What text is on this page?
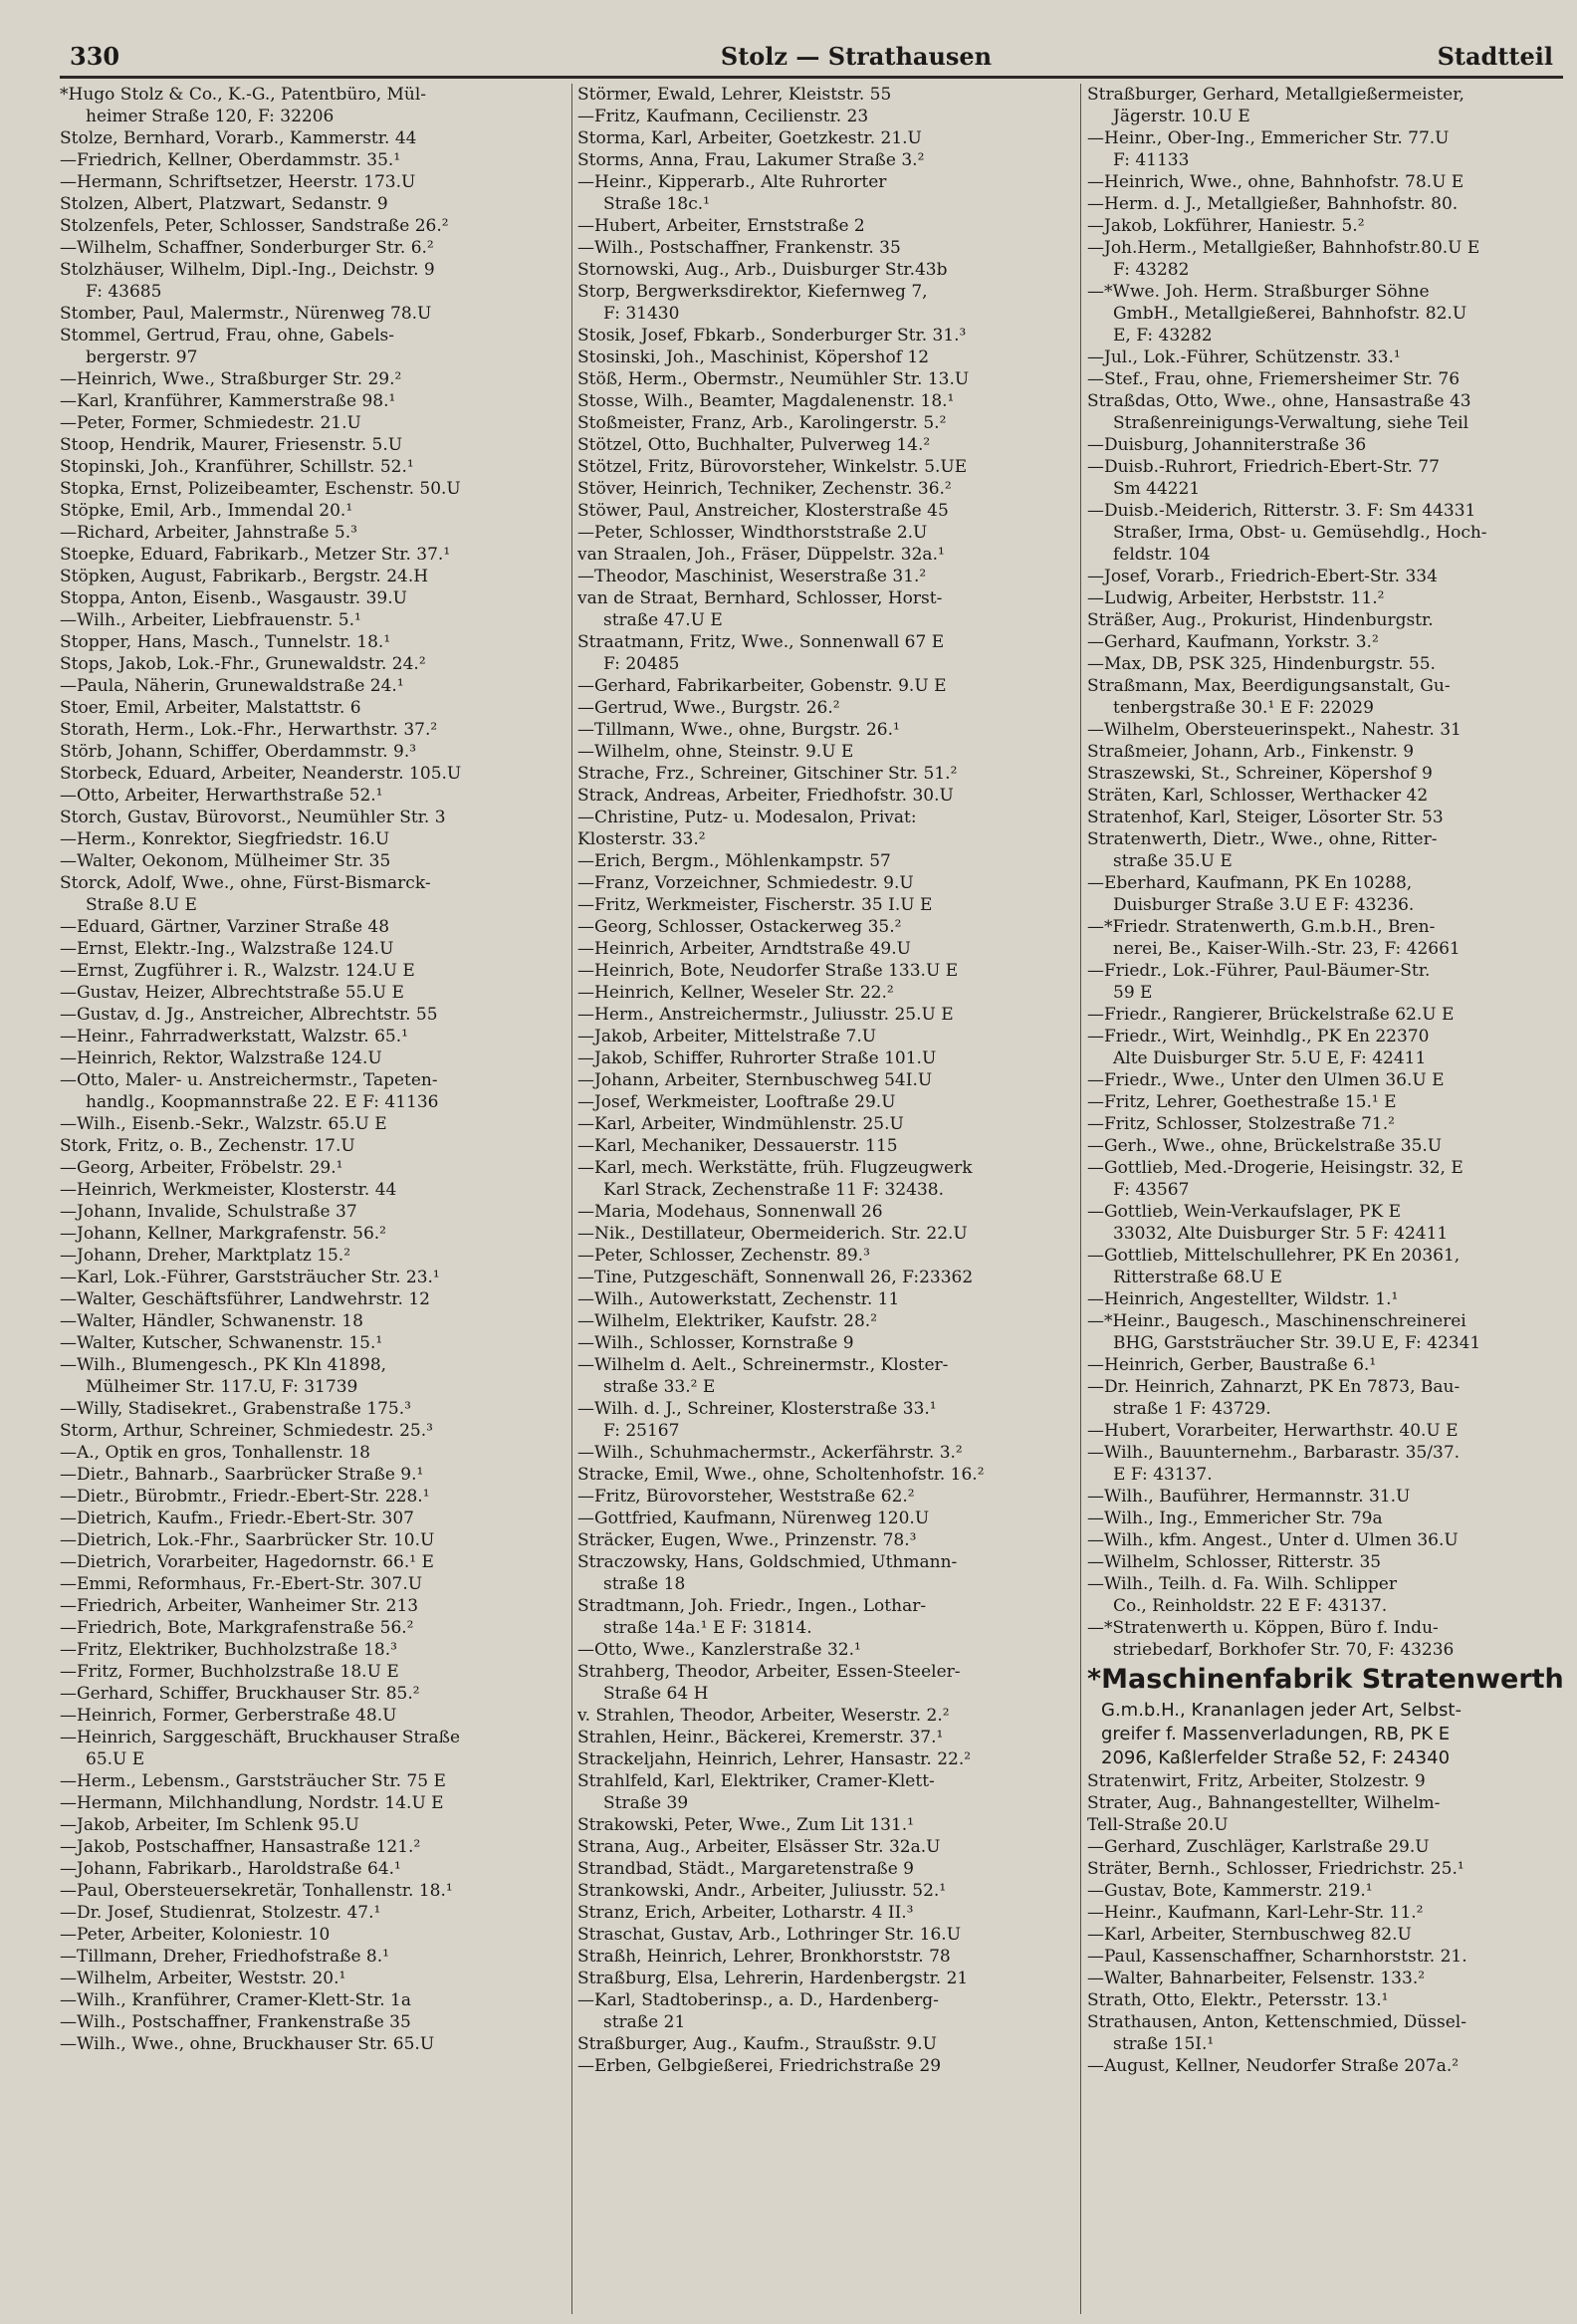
330	Stolz — Strathausen	Stadtteil
*Hugo Stolz & Co., K.-G., Patentbüro, Mül-
heimer Straße 120, F: 32206
Stolze, Bernhard, Vorarb., Kammerstr. 44
—Friedrich, Kellner, Oberdammstr. 35.¹
—Hermann, Schriftsetzer, Heerstr. 173.U
Stolzen, Albert, Platzwart, Sedanstr. 9
Stolzenfels, Peter, Schlosser, Sandstraße 26.²
—Wilhelm, Schaffner, Sonderburger Str. 6.²
Stolzhäuser, Wilhelm, Dipl.-Ing., Deichstr. 9
F: 43685
Stomber, Paul, Malermstr., Nürenweg 78.U
Stommel, Gertrud, Frau, ohne, Gabels-
bergerstr. 97
—Heinrich, Wwe., Straßburger Str. 29.²
—Karl, Kranführer, Kammerstraße 98.¹
—Peter, Former, Schmiedestr. 21.U
Stoop, Hendrik, Maurer, Friesenstr. 5.U
Stopinski, Joh., Kranführer, Schillstr. 52.¹
Stopka, Ernst, Polizeibeamter, Eschenstr. 50.U
Stöpke, Emil, Arb., Immendal 20.¹
—Richard, Arbeiter, Jahnstraße 5.³
Stoepke, Eduard, Fabrikarb., Metzer Str. 37.¹
Stöpken, August, Fabrikarb., Bergstr. 24.H
Stoppa, Anton, Eisenb., Wasgaustr. 39.U
—Wilh., Arbeiter, Liebfrauenstr. 5.¹
Stopper, Hans, Masch., Tunnelstr. 18.¹
Stops, Jakob, Lok.-Fhr., Grunewaldstr. 24.²
—Paula, Näherin, Grunewaldstraße 24.¹
Stoer, Emil, Arbeiter, Malstattstr. 6
Storath, Herm., Lok.-Fhr., Herwarthstr. 37.²
Störb, Johann, Schiffer, Oberdammstr. 9.³
Storbeck, Eduard, Arbeiter, Neanderstr. 105.U
—Otto, Arbeiter, Herwarthstraße 52.¹
Storch, Gustav, Bürovorst., Neumühler Str. 3
—Herm., Konrektor, Siegfriedstr. 16.U
—Walter, Oekonom, Mülheimer Str. 35
Storck, Adolf, Wwe., ohne, Fürst-Bismarck-
Straße 8.U E
—Eduard, Gärtner, Varziner Straße 48
—Ernst, Elektr.-Ing., Walzstraße 124.U
—Ernst, Zugführer i. R., Walzstr. 124.U E
—Gustav, Heizer, Albrechtstraße 55.U E
—Gustav, d. Jg., Anstreicher, Albrechtstr. 55
—Heinr., Fahrradwerkstatt, Walzstr. 65.¹
—Heinrich, Rektor, Walzstraße 124.U
—Otto, Maler- u. Anstreichermstr., Tapeten-
handlg., Koopmannstraße 22. E F: 41136
—Wilh., Eisenb.-Sekr., Walzstr. 65.U E
Stork, Fritz, o. B., Zechenstr. 17.U
—Georg, Arbeiter, Fröbelstr. 29.¹
—Heinrich, Werkmeister, Klosterstr. 44
—Johann, Invalide, Schulstraße 37
—Johann, Kellner, Markgrafenstr. 56.²
—Johann, Dreher, Marktplatz 15.²
—Karl, Lok.-Führer, Garststräucher Str. 23.¹
—Walter, Geschäftsführer, Landwehrstr. 12
—Walter, Händler, Schwanenstr. 18
—Walter, Kutscher, Schwanenstr. 15.¹
—Wilh., Blumengesch., PK Kln 41898,
Mülheimer Str. 117.U, F: 31739
—Willy, Stadisekret., Grabenstraße 175.³
Storm, Arthur, Schreiner, Schmiedestr. 25.³
—A., Optik en gros, Tonhallenstr. 18
—Dietr., Bahnarb., Saarbrücker Straße 9.¹
—Dietr., Bürobmtr., Friedr.-Ebert-Str. 228.¹
—Dietrich, Kaufm., Friedr.-Ebert-Str. 307
—Dietrich, Lok.-Fhr., Saarbrücker Str. 10.U
—Dietrich, Vorarbeiter, Hagedornstr. 66.¹ E
—Emmi, Reformhaus, Fr.-Ebert-Str. 307.U
—Friedrich, Arbeiter, Wanheimer Str. 213
—Friedrich, Bote, Markgrafenstraße 56.²
—Fritz, Elektriker, Buchholzstraße 18.³
—Fritz, Former, Buchholzstraße 18.U E
—Gerhard, Schiffer, Bruckhauser Str. 85.²
—Heinrich, Former, Gerberstraße 48.U
—Heinrich, Sarggeschäft, Bruckhauser Straße
65.U E
—Herm., Lebensm., Garststräucher Str. 75 E
—Hermann, Milchhandlung, Nordstr. 14.U E
—Jakob, Arbeiter, Im Schlenk 95.U
—Jakob, Postschaffner, Hansastraße 121.²
—Johann, Fabrikarb., Haroldstraße 64.¹
—Paul, Obersteuersekretär, Tonhallenstr. 18.¹
—Dr. Josef, Studienrat, Stolzestr. 47.¹
—Peter, Arbeiter, Koloniestr. 10
—Tillmann, Dreher, Friedhofstraße 8.¹
—Wilhelm, Arbeiter, Weststr. 20.¹
—Wilh., Kranführer, Cramer-Klett-Str. 1a
—Wilh., Postschaffner, Frankenstraße 35
—Wilh., Wwe., ohne, Bruckhauser Str. 65.U
Störmer, Ewald, Lehrer, Kleiststr. 55
—Fritz, Kaufmann, Cecilienstr. 23
Storma, Karl, Arbeiter, Goetzkestr. 21.U
Storms, Anna, Frau, Lakumer Straße 3.²
—Heinr., Kipperarb., Alte Ruhrorter
Straße 18c.¹
—Hubert, Arbeiter, Ernststraße 2
—Wilh., Postschaffner, Frankenstr. 35
Stornowski, Aug., Arb., Duisburger Str.43b
Storp, Bergwerksdirektor, Kiefernweg 7,
F: 31430
Stosik, Josef, Fbkarb., Sonderburger Str. 31.³
Stosinski, Joh., Maschinist, Köpershof 12
Stöß, Herm., Obermstr., Neumühler Str. 13.U
Stosse, Wilh., Beamter, Magdalenenstr. 18.¹
Stoßmeister, Franz, Arb., Karolingerstr. 5.²
Stötzel, Otto, Buchhalter, Pulverweg 14.²
Stötzel, Fritz, Bürovorsteher, Winkelstr. 5.UE
Stöver, Heinrich, Techniker, Zechenstr. 36.²
Stöwer, Paul, Anstreicher, Klosterstraße 45
—Peter, Schlosser, Windthorststraße 2.U
van Straalen, Joh., Fräser, Düppelstr. 32a.¹
—Theodor, Maschinist, Weserstraße 31.²
van de Straat, Bernhard, Schlosser, Horst-
straße 47.U E
Straatmann, Fritz, Wwe., Sonnenwall 67 E
F: 20485
—Gerhard, Fabrikarbeiter, Gobenstr. 9.U E
—Gertrud, Wwe., Burgstr. 26.²
—Tillmann, Wwe., ohne, Burgstr. 26.¹
—Wilhelm, ohne, Steinstr. 9.U E
Strache, Frz., Schreiner, Gitschiner Str. 51.²
Strack, Andreas, Arbeiter, Friedhofstr. 30.U
—Christine, Putz- u. Modesalon, Privat:
Klosterstr. 33.²
—Erich, Bergm., Möhlenkampstr. 57
—Franz, Vorzeichner, Schmiedestr. 9.U
—Fritz, Werkmeister, Fischerstr. 35 I.U E
—Georg, Schlosser, Ostackerweg 35.²
—Heinrich, Arbeiter, Arndtstraße 49.U
—Heinrich, Bote, Neudorfer Straße 133.U E
—Heinrich, Kellner, Weseler Str. 22.²
—Herm., Anstreichermstr., Juliusstr. 25.U E
—Jakob, Arbeiter, Mittelstraße 7.U
—Jakob, Schiffer, Ruhrorter Straße 101.U
—Johann, Arbeiter, Sternbuschweg 54I.U
—Josef, Werkmeister, Looftraße 29.U
—Karl, Arbeiter, Windmühlenstr. 25.U
—Karl, Mechaniker, Dessauerstr. 115
—Karl, mech. Werkstätte, früh. Flugzeugwerk
Karl Strack, Zechenstraße 11 F: 32438.
—Maria, Modehaus, Sonnenwall 26
—Nik., Destillateur, Obermeiderich. Str. 22.U
—Peter, Schlosser, Zechenstr. 89.³
—Tine, Putzgeschäft, Sonnenwall 26, F:23362
—Wilh., Autowerkstatt, Zechenstr. 11
—Wilhelm, Elektriker, Kaufstr. 28.²
—Wilh., Schlosser, Kornstraße 9
—Wilhelm d. Aelt., Schreinermstr., Kloster-
straße 33.² E
—Wilh. d. J., Schreiner, Klosterstraße 33.¹
F: 25167
—Wilh., Schuhmachermstr., Ackerfährstr. 3.²
Stracke, Emil, Wwe., ohne, Scholtenhofstr. 16.²
—Fritz, Bürovorsteher, Weststraße 62.²
—Gottfried, Kaufmann, Nürenweg 120.U
Sträcker, Eugen, Wwe., Prinzenstr. 78.³
Straczowsky, Hans, Goldschmied, Uthmann-
straße 18
Stradtmann, Joh. Friedr., Ingen., Lothar-
straße 14a.¹ E F: 31814.
—Otto, Wwe., Kanzlerstraße 32.¹
Strahberg, Theodor, Arbeiter, Essen-Steeler-
Straße 64 H
v. Strahlen, Theodor, Arbeiter, Weserstr. 2.²
Strahlen, Heinr., Bäckerei, Kremerstr. 37.¹
Strackeljahn, Heinrich, Lehrer, Hansastr. 22.²
Strahlfeld, Karl, Elektriker, Cramer-Klett-
Straße 39
Strakowski, Peter, Wwe., Zum Lit 131.¹
Strana, Aug., Arbeiter, Elsässer Str. 32a.U
Strandbad, Städt., Margaretenstraße 9
Strankowski, Andr., Arbeiter, Juliusstr. 52.¹
Stranz, Erich, Arbeiter, Lotharstr. 4 II.³
Straschat, Gustav, Arb., Lothringer Str. 16.U
Straßh, Heinrich, Lehrer, Bronkhorststr. 78
Straßburg, Elsa, Lehrerin, Hardenbergstr. 21
—Karl, Stadtoberinsp., a. D., Hardenberg-
straße 21
Straßburger, Aug., Kaufm., Straußstr. 9.U
—Erben, Gelbgießerei, Friedrichstraße 29
Straßburger, Gerhard, Metallgießermeister,
Jägerstr. 10.U E
—Heinr., Ober-Ing., Emmericher Str. 77.U
F: 41133
—Heinrich, Wwe., ohne, Bahnhofstr. 78.U E
—Herm. d. J., Metallgießer, Bahnhofstr. 80.
—Jakob, Lokführer, Haniestr. 5.²
—Joh.Herm., Metallgießer, Bahnhofstr.80.U E
F: 43282
—*Wwe. Joh. Herm. Straßburger Söhne
GmbH., Metallgießerei, Bahnhofstr. 82.U
E, F: 43282
—Jul., Lok.-Führer, Schützenstr. 33.¹
—Stef., Frau, ohne, Friemersheimer Str. 76
Straßdas, Otto, Wwe., ohne, Hansastraße 43
Straßenreinigungs-Verwaltung, siehe Teil
—Duisburg, Johanniterstraße 36
—Duisb.-Ruhrort, Friedrich-Ebert-Str. 77
Sm 44221
—Duisb.-Meiderich, Ritterstr. 3. F: Sm 44331
Straßer, Irma, Obst- u. Gemüsehdlg., Hoch-
feldstr. 104
—Josef, Vorarb., Friedrich-Ebert-Str. 334
—Ludwig, Arbeiter, Herbststr. 11.²
Sträßer, Aug., Prokurist, Hindenburgstr.
—Gerhard, Kaufmann, Yorkstr. 3.²
—Max, DB, PSK 325, Hindenburgstr. 55.
Straßmann, Max, Beerdigungsanstalt, Gu-
tenbergstraße 30.¹ E F: 22029
—Wilhelm, Obersteuerinspekt., Nahestr. 31
Straßmeier, Johann, Arb., Finkenstr. 9
Straszewski, St., Schreiner, Köpershof 9
Sträten, Karl, Schlosser, Werthacker 42
Stratenhof, Karl, Steiger, Lösorter Str. 53
Stratenwerth, Dietr., Wwe., ohne, Ritter-
straße 35.U E
—Eberhard, Kaufmann, PK En 10288,
Duisburger Straße 3.U E F: 43236.
—*Friedr. Stratenwerth, G.m.b.H., Bren-
nerei, Be., Kaiser-Wilh.-Str. 23, F: 42661
—Friedr., Lok.-Führer, Paul-Bäumer-Str.
59 E
—Friedr., Rangierer, Brückelstraße 62.U E
—Friedr., Wirt, Weinhdlg., PK En 22370
Alte Duisburger Str. 5.U E, F: 42411
—Friedr., Wwe., Unter den Ulmen 36.U E
—Fritz, Lehrer, Goethestraße 15.¹ E
—Fritz, Schlosser, Stolzestraße 71.²
—Gerh., Wwe., ohne, Brückelstraße 35.U
—Gottlieb, Med.-Drogerie, Heisingstr. 32, E
F: 43567
—Gottlieb, Wein-Verkaufslager, PK E
33032, Alte Duisburger Str. 5 F: 42411
—Gottlieb, Mittelschullehrer, PK En 20361,
Ritterstraße 68.U E
—Heinrich, Angestellter, Wildstr. 1.¹
—*Heinr., Baugesch., Maschinenschreinerei
BHG, Garststräucher Str. 39.U E, F: 42341
—Heinrich, Gerber, Baustraße 6.¹
—Dr. Heinrich, Zahnarzt, PK En 7873, Bau-
straße 1 F: 43729.
—Hubert, Vorarbeiter, Herwarthstr. 40.U E
—Wilh., Bauunternehm., Barbarastr. 35/37.
E F: 43137.
—Wilh., Bauführer, Hermannstr. 31.U
—Wilh., Ing., Emmericher Str. 79a
—Wilh., kfm. Angest., Unter d. Ulmen 36.U
—Wilhelm, Schlosser, Ritterstr. 35
—Wilh., Teilh. d. Fa. Wilh. Schlipper
Co., Reinholdstr. 22 E F: 43137.
—*Stratenwerth u. Köppen, Büro f. Indu-
striebedarf, Borkhofer Str. 70, F: 43236
*Maschinenfabrik Stratenwerth
G.m.b.H., Krananlagen jeder Art, Selbst-
greifer f. Massenverladungen, RB, PK E
2096, Kaßlerfelder Straße 52, F: 24340
Stratenwirt, Fritz, Arbeiter, Stolzestr. 9
Strater, Aug., Bahnangestellter, Wilhelm-
Tell-Straße 20.U
—Gerhard, Zuschläger, Karlstraße 29.U
Sträter, Bernh., Schlosser, Friedrichstr. 25.¹
—Gustav, Bote, Kammerstr. 219.¹
—Heinr., Kaufmann, Karl-Lehr-Str. 11.²
—Karl, Arbeiter, Sternbuschweg 82.U
—Paul, Kassenschaffner, Scharnhorststr. 21.
—Walter, Bahnarbeiter, Felsenstr. 133.²
Strath, Otto, Elektr., Petersstr. 13.¹
Strathausen, Anton, Kettenschmied, Düssel-
straße 15I.¹
—August, Kellner, Neudorfer Straße 207a.²
